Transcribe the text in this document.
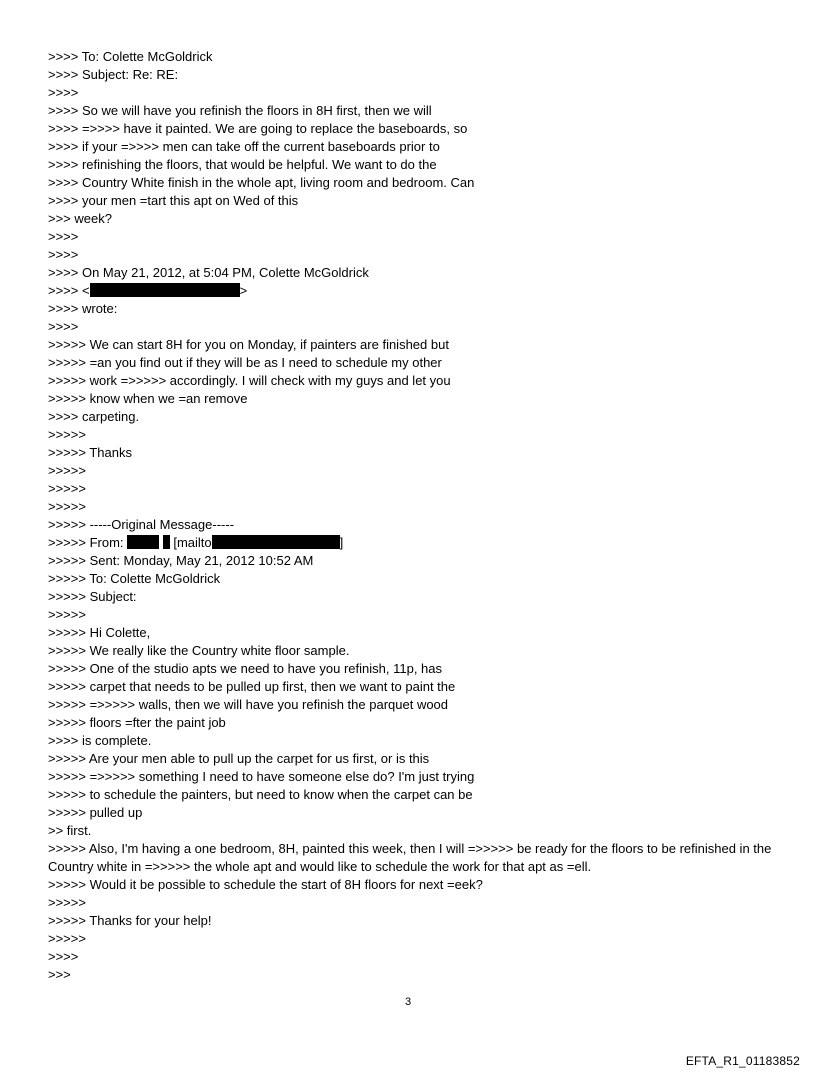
>>>> To: Colette McGoldrick
>>>> Subject: Re: RE:
>>>>
>>>> So we will have you refinish the floors in 8H first, then we will
>>>> =>>>> have it painted. We are going to replace the baseboards, so
>>>> if your =>>>> men can take off the current baseboards prior to
>>>> refinishing the floors, that would be helpful. We want to do the
>>>> Country White finish in the whole apt, living room and bedroom. Can
>>>> your men =tart this apt on Wed of this
>>> week?
>>>>
>>>>
>>>> On May 21, 2012, at 5:04 PM, Colette McGoldrick
>>>> <	>
>>>> wrote:
>>>>
>>>>> We can start 8H for you on Monday, if painters are finished but
>>>>> =an you find out if they will be as I need to schedule my other
>>>>> work =>>>>> accordingly. I will check with my guys and let you
>>>>> know when we =an remove
>>>> carpeting.
>>>>>
>>>>> Thanks
>>>>>
>>>>>
>>>>>
>>>>> -----Original Message-----
>>>>> From:	[mailto	]
>>>>> Sent: Monday, May 21, 2012 10:52 AM
>>>>> To: Colette McGoldrick
>>>>> Subject:
>>>>>
>>>>> Hi Colette,
>>>>> We really like the Country white floor sample.
>>>>> One of the studio apts we need to have you refinish, 11p, has
>>>>> carpet that needs to be pulled up first, then we want to paint the
>>>>> =>>>>> walls, then we will have you refinish the parquet wood
>>>>> floors =fter the paint job
>>>> is complete.
>>>>> Are your men able to pull up the carpet for us first, or is this
>>>>> =>>>>> something I need to have someone else do? I'm just trying
>>>>> to schedule the painters, but need to know when the carpet can be
>>>>> pulled up
>> first.
>>>>> Also, I'm having a one bedroom, 8H, painted this week, then I will =>>>>> be ready for the floors to be refinished in the Country white in =>>>>> the whole apt and would like to schedule the work for that apt as =ell.
>>>>> Would it be possible to schedule the start of 8H floors for next =eek?
>>>>>
>>>>> Thanks for your help!
>>>>>
>>>>
>>>
3
EFTA_R1_01183852
